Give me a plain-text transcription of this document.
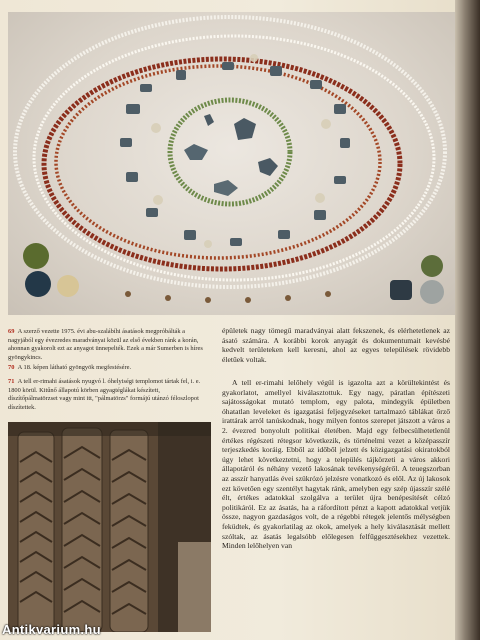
69 A szerző vezette 1975. évi abu-szalábíhi ásatások megpróbálták a nagyjából egy évezredes maradványai közül az első években ránk a korán, ahonnan gyakorolt ezt az anyagot ünnepelték. Ezek a már Sumerben is híres gyöngykincs.
70 A 18. képen látható gyöngyök megfestésére.
71 A tell er-rimahi ásatások nyugvó l. óhelyiségi templomot tártak fel, i. e. 1800 körül. Kitűnő állapotú körben agyagtéglákat készített, díszítőpálmatörzset vagy mint itt, "pálmatörzs" formájú utánzó féloszlopot díszítettek.

épületek nagy tömegű maradványai alatt fekszenek, és elérhetetlenek az ásató számára. A korábbi korok anyagát és dokumentumait kevésbé kedvelt területeken kell keresni, ahol az egyes települések rövidebb életűek voltak.

A tell er-rimahi lelőhely végül is igazolta azt a körültekintést és gyakorlatot, amellyel kiválasztottuk. Egy nagy, páratlan építészeti sajátosságokat mutató templom, egy palota, mindegyik épületben óhatatlan leveleket és igazgatási feljegyzéseket tartalmazó táblákat őrző irattárak arról tanúskodnak, hogy milyen fontos szerepet játszott a város a 2. évezred bonyolult politikai életében. Majd egy felbecsülhetetlenül értékes régészeti rétegsor következik, és történelmi vezet a középasszír terjeszkedés koráig. Ebből az időből jelzett és közigazgatási okiratokból úgy lehet következtetni, hogy a település tájkörzeti a város akkori állapotáról és néhány vezető lakosának tevékenységéről. A teuegszorban az asszír hanyatlás évei szükrózó jelzésre vonatkozó és elől. Az új lakosok ezt követően egy szentélyt hagytak ránk, amelyben egy szép újasszír szélé élt, értékes adatokkal szolgálva a terület újra benépesítését célzó politikáról. Ez az ásatás, ha a ráfordított pénzt a kapott adatokkal vetjük össze, nagyon gazdaságos volt, de a régebbi rétegek jelentős mélységben feküdtek, és gyakorlatilag az okok, amelyek a hely kiválasztását mellett szóltak, az ásatás legalsóbb előlegesen felfűggesztésekhez vezettek. Minden lelőhelyen van

Antikvarium.hu
